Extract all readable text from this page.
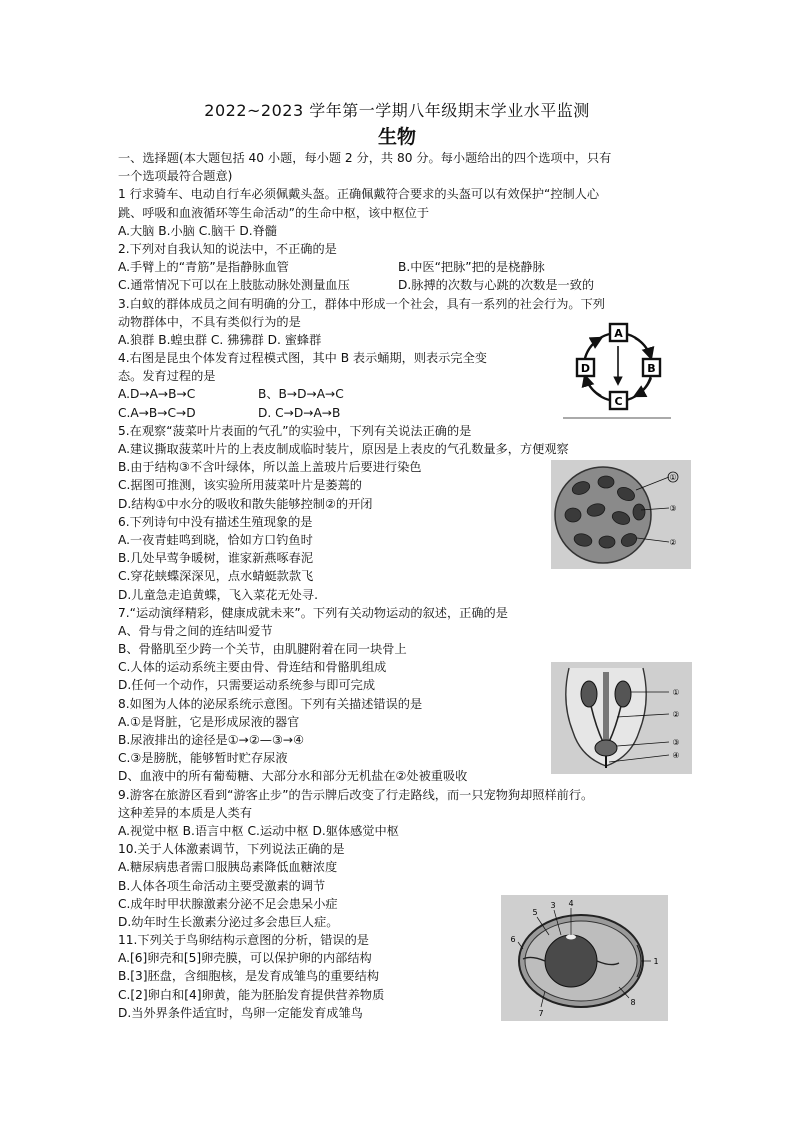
2022~2023 学年第一学期八年级期末学业水平监测
生物
一、选择题(本大题包括 40 小题，每小题 2 分，共 80 分。每小题给出的四个选项中，只有
一个选项最符合题意)
1 行求骑车、电动自行车必须佩戴头盔。正确佩戴符合要求的头盔可以有效保护“控制人心
跳、呼吸和血液循环等生命活动”的生命中枢，该中枢位于
A.大脑 B.小脑 C.脑干 D.脊髓
2.下列对自我认知的说法中，不正确的是
A.手臂上的“青筋”是指静脉血管	B.中医“把脉”把的是桡静脉
C.通常情况下可以在上肢肱动脉处测量血压	D.脉搏的次数与心跳的次数是一致的
3.白蚁的群体成员之间有明确的分工，群体中形成一个社会，具有一系列的社会行为。下列
动物群体中，不具有类似行为的是
A.狼群 B.蝗虫群 C. 狒狒群 D. 蜜蜂群
4.右图是昆虫个体发育过程模式图，其中 B 表示蛹期，则表示完全变
态。发育过程的是
A.D→A→B→C	B、B→D→A→C
C.A→B→C→D	D. C→D→A→B
5.在观察“菠菜叶片表面的气孔”的实验中，下列有关说法正确的是
A.建议撕取菠菜叶片的上表皮制成临时装片，原因是上表皮的气孔数量多，方便观察
B.由于结构③不含叶绿体，所以盖上盖玻片后要进行染色
C.据图可推测，该实验所用菠菜叶片是萎蔫的
D.结构①中水分的吸收和散失能够控制②的开闭
6.下列诗句中没有描述生殖现象的是
A.一夜青蛙鸣到晓，恰如方口钓鱼时
B.几处早莺争暖树，谁家新燕啄春泥
C.穿花蛱蝶深深见，点水蜻蜓款款飞
D.儿童急走追黄蝶，飞入菜花无处寻.
7.“运动演绎精彩，健康成就未来”。下列有关动物运动的叙述，正确的是
A、骨与骨之间的连结叫爱节
B、骨骼肌至少跨一个关节，由肌腱附着在同一块骨上
C.人体的运动系统主要由骨、骨连结和骨骼肌组成
D.任何一个动作，只需要运动系统参与即可完成
8.如图为人体的泌尿系统示意图。下列有关描述错误的是
A.①是肾脏，它是形成尿液的器官
B.尿液排出的途径是①→②—③→④
C.③是膀胱，能够暂时贮存尿液
D、血液中的所有葡萄糖、大部分水和部分无机盐在②处被重吸收
9.游客在旅游区看到“游客止步”的告示牌后改变了行走路线，而一只宠物狗却照样前行。
这种差异的本质是人类有
A.视觉中枢 B.语言中枢 C.运动中枢 D.躯体感觉中枢
10.关于人体激素调节，下列说法正确的是
A.糖尿病患者需口服胰岛素降低血糖浓度
B.人体各项生命活动主要受激素的调节
C.成年时甲状腺激素分泌不足会患呆小症
D.幼年时生长激素分泌过多会患巨人症。
11.下列关于鸟卵结构示意图的分析，错误的是
A.[6]卵壳和[5]卵壳膜，可以保护卵的内部结构
B.[3]胚盘，含细胞核，是发育成雏鸟的重要结构
C.[2]卵白和[4]卵黄，能为胚胎发育提供营养物质
D.当外界条件适宜时，鸟卵一定能发育成雏鸟
A
B
C
D
①
③
②
①
②
③
④
5
3 4
6
7
1
8
